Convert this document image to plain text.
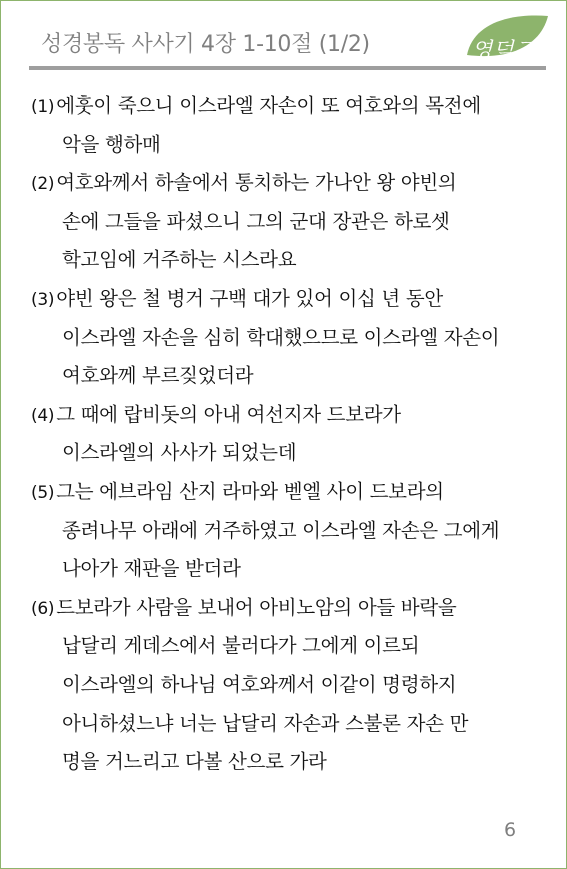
성경봉독 사사기 4장 1-10절 (1/2)	영덕교회
(1) 에훗이 죽으니 이스라엘 자손이 또 여호와의 목전에
악을 행하매
(2) 여호와께서 하솔에서 통치하는 가나안 왕 야빈의
손에 그들을 파셨으니 그의 군대 장관은 하로셋
학고임에 거주하는 시스라요
(3) 야빈 왕은 철 병거 구백 대가 있어 이십 년 동안
이스라엘 자손을 심히 학대했으므로 이스라엘 자손이
여호와께 부르짖었더라
(4) 그 때에 랍비돗의 아내 여선지자 드보라가
이스라엘의 사사가 되었는데
(5) 그는 에브라임 산지 라마와 벧엘 사이 드보라의
종려나무 아래에 거주하였고 이스라엘 자손은 그에게
나아가 재판을 받더라
(6) 드보라가 사람을 보내어 아비노암의 아들 바락을
납달리 게데스에서 불러다가 그에게 이르되
이스라엘의 하나님 여호와께서 이같이 명령하지
아니하셨느냐 너는 납달리 자손과 스불론 자손 만
명을 거느리고 다볼 산으로 가라
6
